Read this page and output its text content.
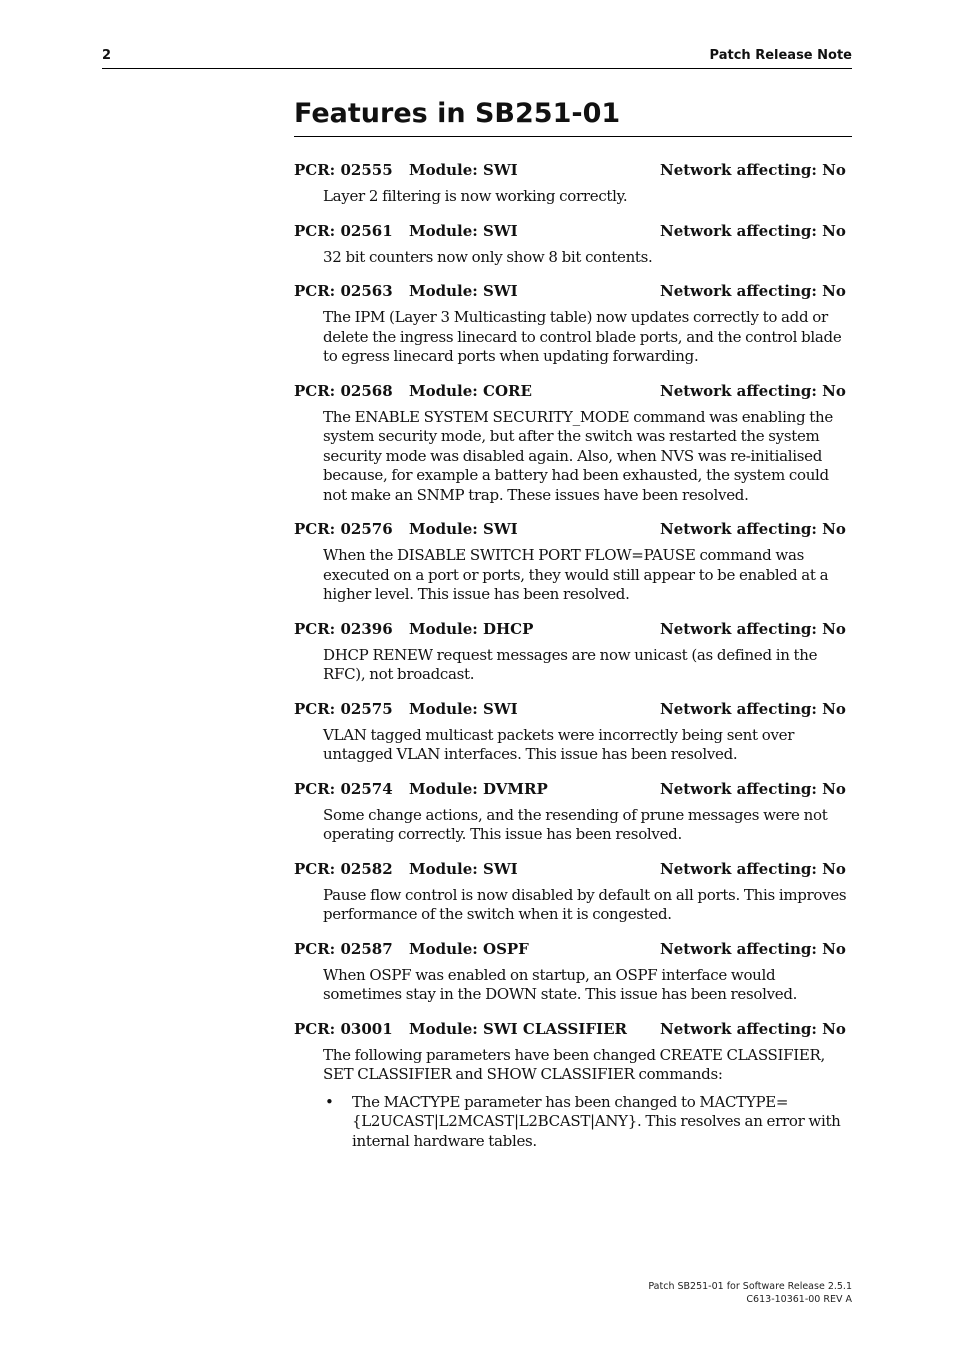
2	Patch Release Note
Features in SB251-01
PCR: 02555 Module: SWI	Network affecting: No
Layer 2 filtering is now working correctly.
PCR: 02561 Module: SWI	Network affecting: No
32 bit counters now only show 8 bit contents.
PCR: 02563 Module: SWI	Network affecting: No
The IPM (Layer 3 Multicasting table) now updates correctly to add or delete the ingress linecard to control blade ports, and the control blade to egress linecard ports when updating forwarding.
PCR: 02568 Module: CORE	Network affecting: No
The ENABLE SYSTEM SECURITY_MODE command was enabling the system security mode, but after the switch was restarted the system security mode was disabled again. Also, when NVS was re-initialised because, for example a battery had been exhausted, the system could not make an SNMP trap. These issues have been resolved.
PCR: 02576 Module: SWI	Network affecting: No
When the DISABLE SWITCH PORT FLOW=PAUSE command was executed on a port or ports, they would still appear to be enabled at a higher level. This issue has been resolved.
PCR: 02396 Module: DHCP	Network affecting: No
DHCP RENEW request messages are now unicast (as defined in the RFC), not broadcast.
PCR: 02575 Module: SWI	Network affecting: No
VLAN tagged multicast packets were incorrectly being sent over untagged VLAN interfaces. This issue has been resolved.
PCR: 02574 Module: DVMRP	Network affecting: No
Some change actions, and the resending of prune messages were not operating correctly. This issue has been resolved.
PCR: 02582 Module: SWI	Network affecting: No
Pause flow control is now disabled by default on all ports. This improves performance of the switch when it is congested.
PCR: 02587 Module: OSPF	Network affecting: No
When OSPF was enabled on startup, an OSPF interface would sometimes stay in the DOWN state. This issue has been resolved.
PCR: 03001 Module: SWI CLASSIFIER Network affecting: No
The following parameters have been changed CREATE CLASSIFIER, SET CLASSIFIER and SHOW CLASSIFIER commands:
• The MACTYPE parameter has been changed to MACTYPE={L2UCAST|L2MCAST|L2BCAST|ANY}. This resolves an error with internal hardware tables.
Patch SB251-01 for Software Release 2.5.1
C613-10361-00 REV A
